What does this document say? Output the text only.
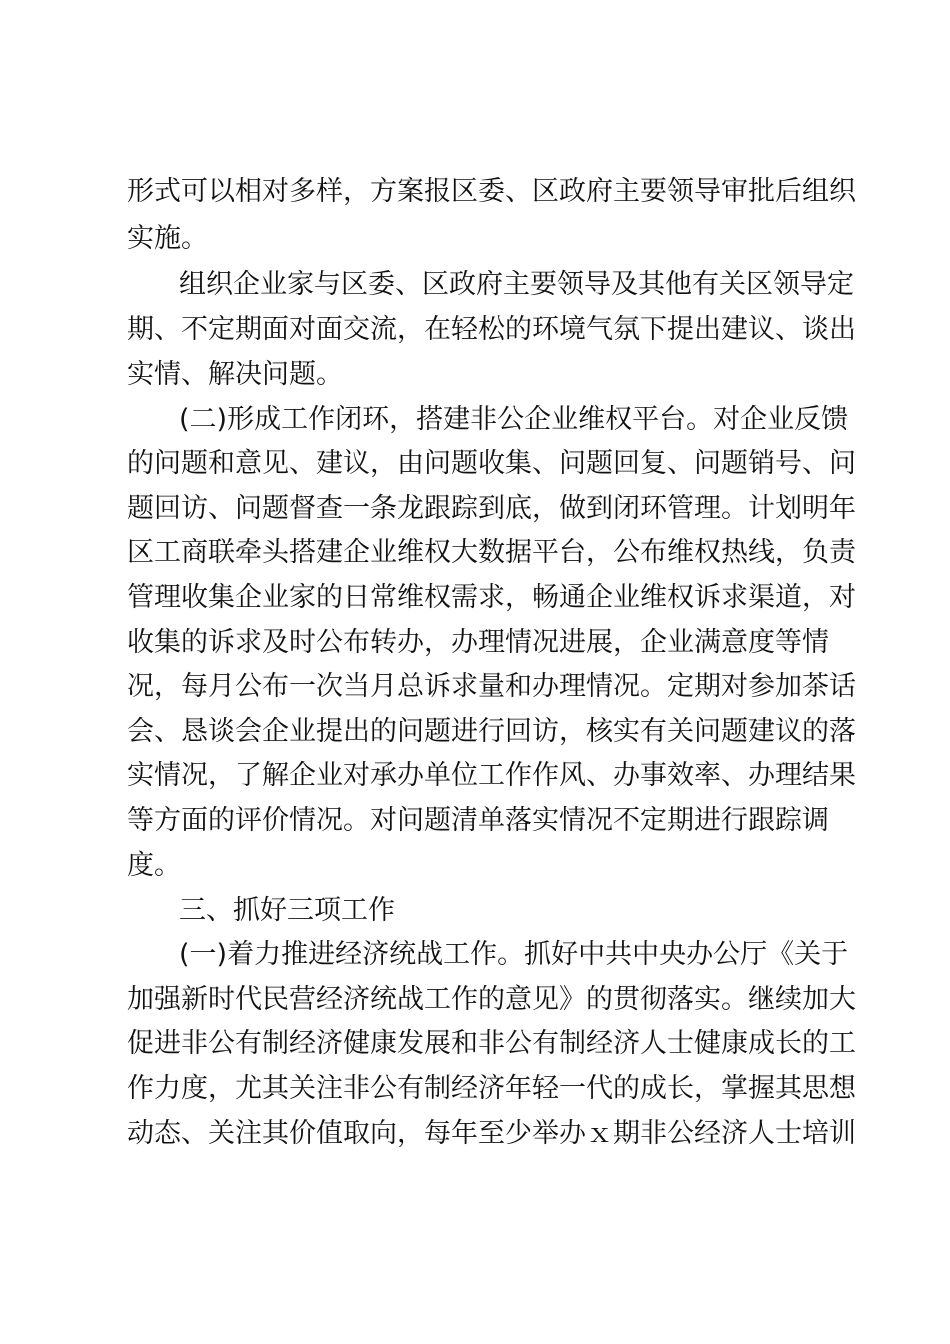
形式可以相对多样，方案报区委、区政府主要领导审批后组织
实施。
组织企业家与区委、区政府主要领导及其他有关区领导定
期、不定期面对面交流，在轻松的环境气氛下提出建议、谈出
实情、解决问题。
(二)形成工作闭环，搭建非公企业维权平台。对企业反馈
的问题和意见、建议，由问题收集、问题回复、问题销号、问
题回访、问题督查一条龙跟踪到底，做到闭环管理。计划明年
区工商联牵头搭建企业维权大数据平台，公布维权热线，负责
管理收集企业家的日常维权需求，畅通企业维权诉求渠道，对
收集的诉求及时公布转办，办理情况进展，企业满意度等情
况，每月公布一次当月总诉求量和办理情况。定期对参加茶话
会、恳谈会企业提出的问题进行回访，核实有关问题建议的落
实情况，了解企业对承办单位工作作风、办事效率、办理结果
等方面的评价情况。对问题清单落实情况不定期进行跟踪调
度。
三、抓好三项工作
(一)着力推进经济统战工作。抓好中共中央办公厅《关于
加强新时代民营经济统战工作的意见》的贯彻落实。继续加大
促进非公有制经济健康发展和非公有制经济人士健康成长的工
作力度，尤其关注非公有制经济年轻一代的成长，掌握其思想
动态、关注其价值取向，每年至少举办ｘ期非公经济人士培训
